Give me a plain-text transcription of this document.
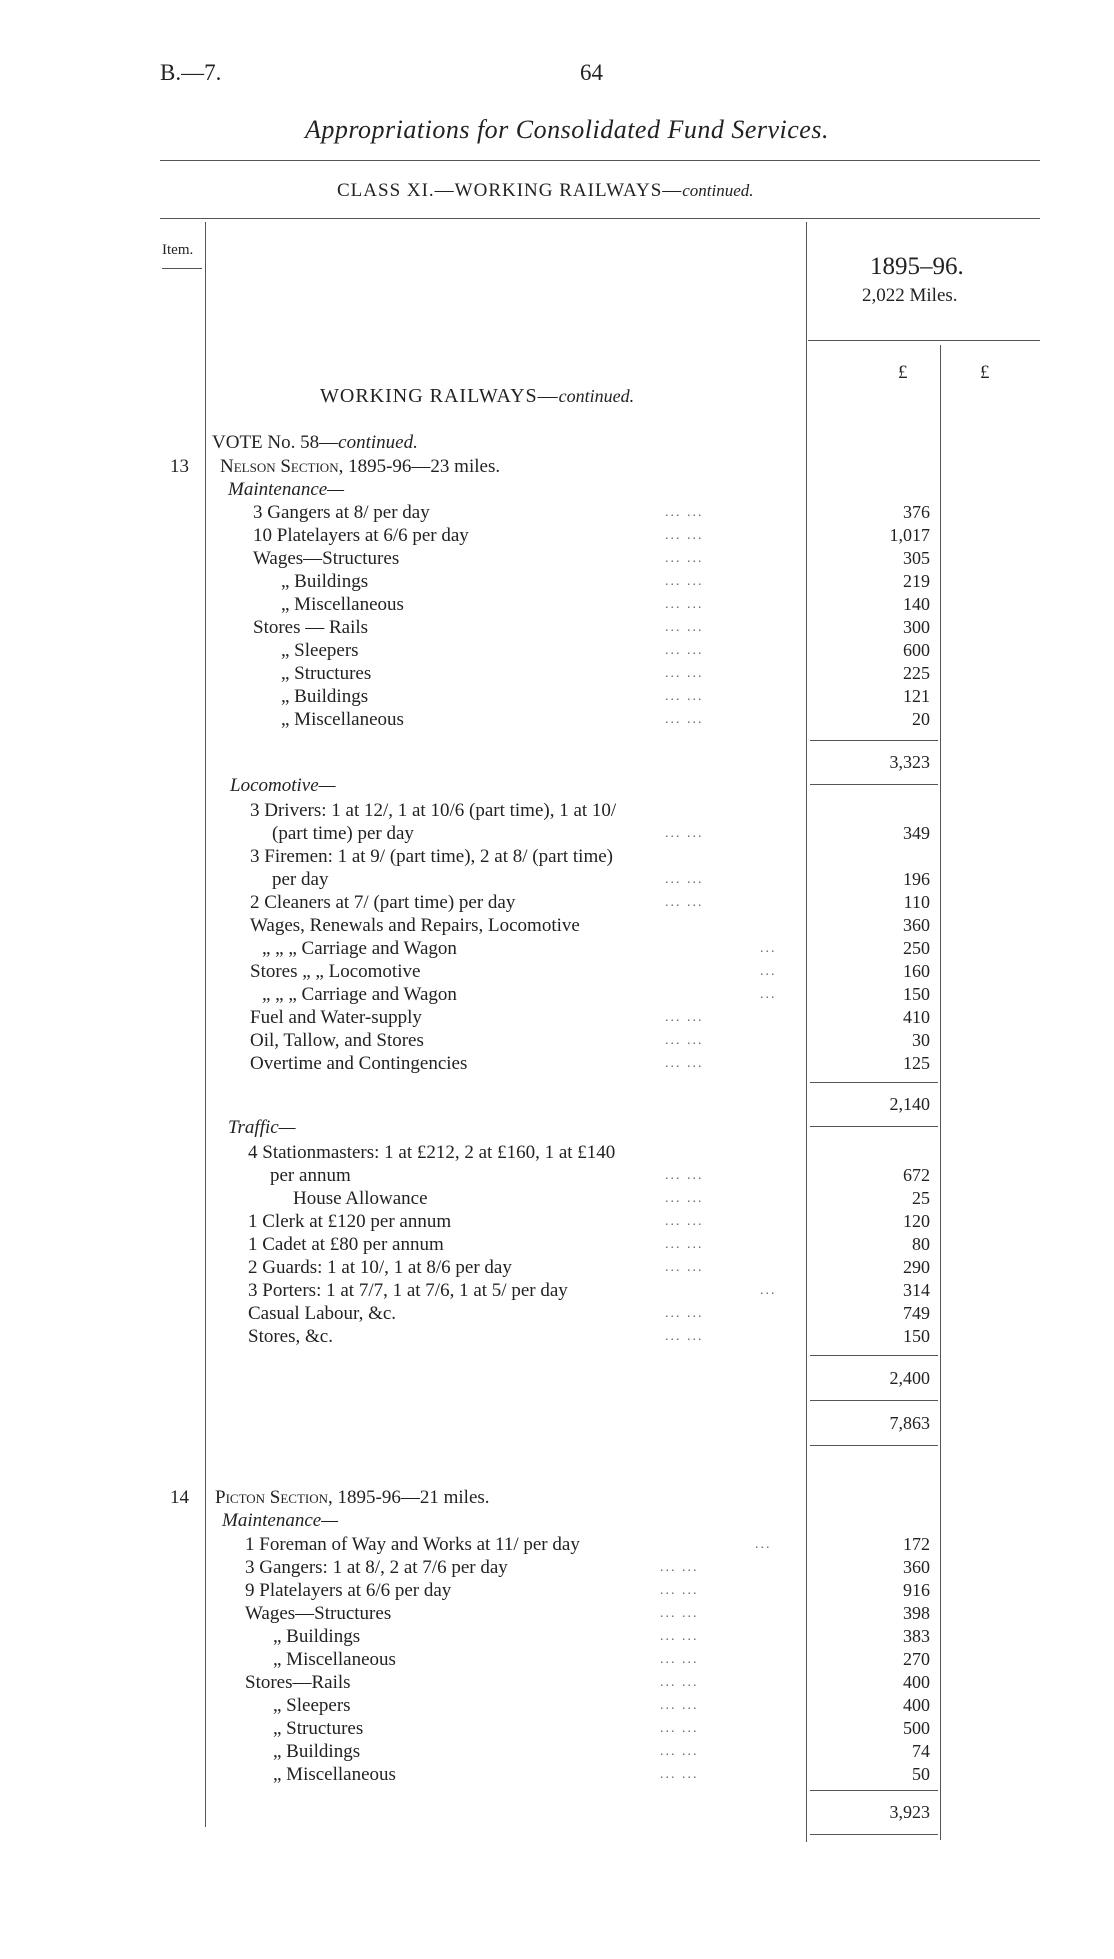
B.—7.	64
Appropriations for Consolidated Fund Services.
CLASS XI.—WORKING RAILWAYS—continued.
Item.
1895–96.
2,022 Miles.
£	£
WORKING RAILWAYS—continued.
VOTE No. 58—continued.
13 Nelson Section, 1895-96—23 miles.
Maintenance—
3 Gangers at 8/ per day	... ...	376
10 Platelayers at 6/6 per day	... ...	1,017
Wages—Structures	... ...	305
„ Buildings	... ...	219
„ Miscellaneous	... ...	140
Stores — Rails	... ...	300
„ Sleepers	... ...	600
„ Structures	... ...	225
„ Buildings	... ...	121
„ Miscellaneous	... ...	20
3,323
Locomotive—
3 Drivers: 1 at 12/, 1 at 10/6 (part time), 1 at 10/
(part time) per day	... ...	349
3 Firemen: 1 at 9/ (part time), 2 at 8/ (part time)
per day	... ...	196
2 Cleaners at 7/ (part time) per day	... ...	110
Wages, Renewals and Repairs, Locomotive	360
„ „ „ Carriage and Wagon	...	250
Stores „ „ Locomotive	...	160
„ „ „ Carriage and Wagon	...	150
Fuel and Water-supply	... ...	410
Oil, Tallow, and Stores	... ...	30
Overtime and Contingencies	... ...	125
2,140
Traffic—
4 Stationmasters: 1 at £212, 2 at £160, 1 at £140
per annum	... ...	672
House Allowance	... ...	25
1 Clerk at £120 per annum	... ...	120
1 Cadet at £80 per annum	... ...	80
2 Guards: 1 at 10/, 1 at 8/6 per day	... ...	290
3 Porters: 1 at 7/7, 1 at 7/6, 1 at 5/ per day	...	314
Casual Labour, &c.	... ...	749
Stores, &c.	... ...	150
2,400
7,863
14 Picton Section, 1895-96—21 miles.
Maintenance—
1 Foreman of Way and Works at 11/ per day	...	172
3 Gangers: 1 at 8/, 2 at 7/6 per day	... ...	360
9 Platelayers at 6/6 per day	... ...	916
Wages—Structures	... ...	398
„ Buildings	... ...	383
„ Miscellaneous	... ...	270
Stores—Rails	... ...	400
„ Sleepers	... ...	400
„ Structures	... ...	500
„ Buildings	... ...	74
„ Miscellaneous	... ...	50
3,923
